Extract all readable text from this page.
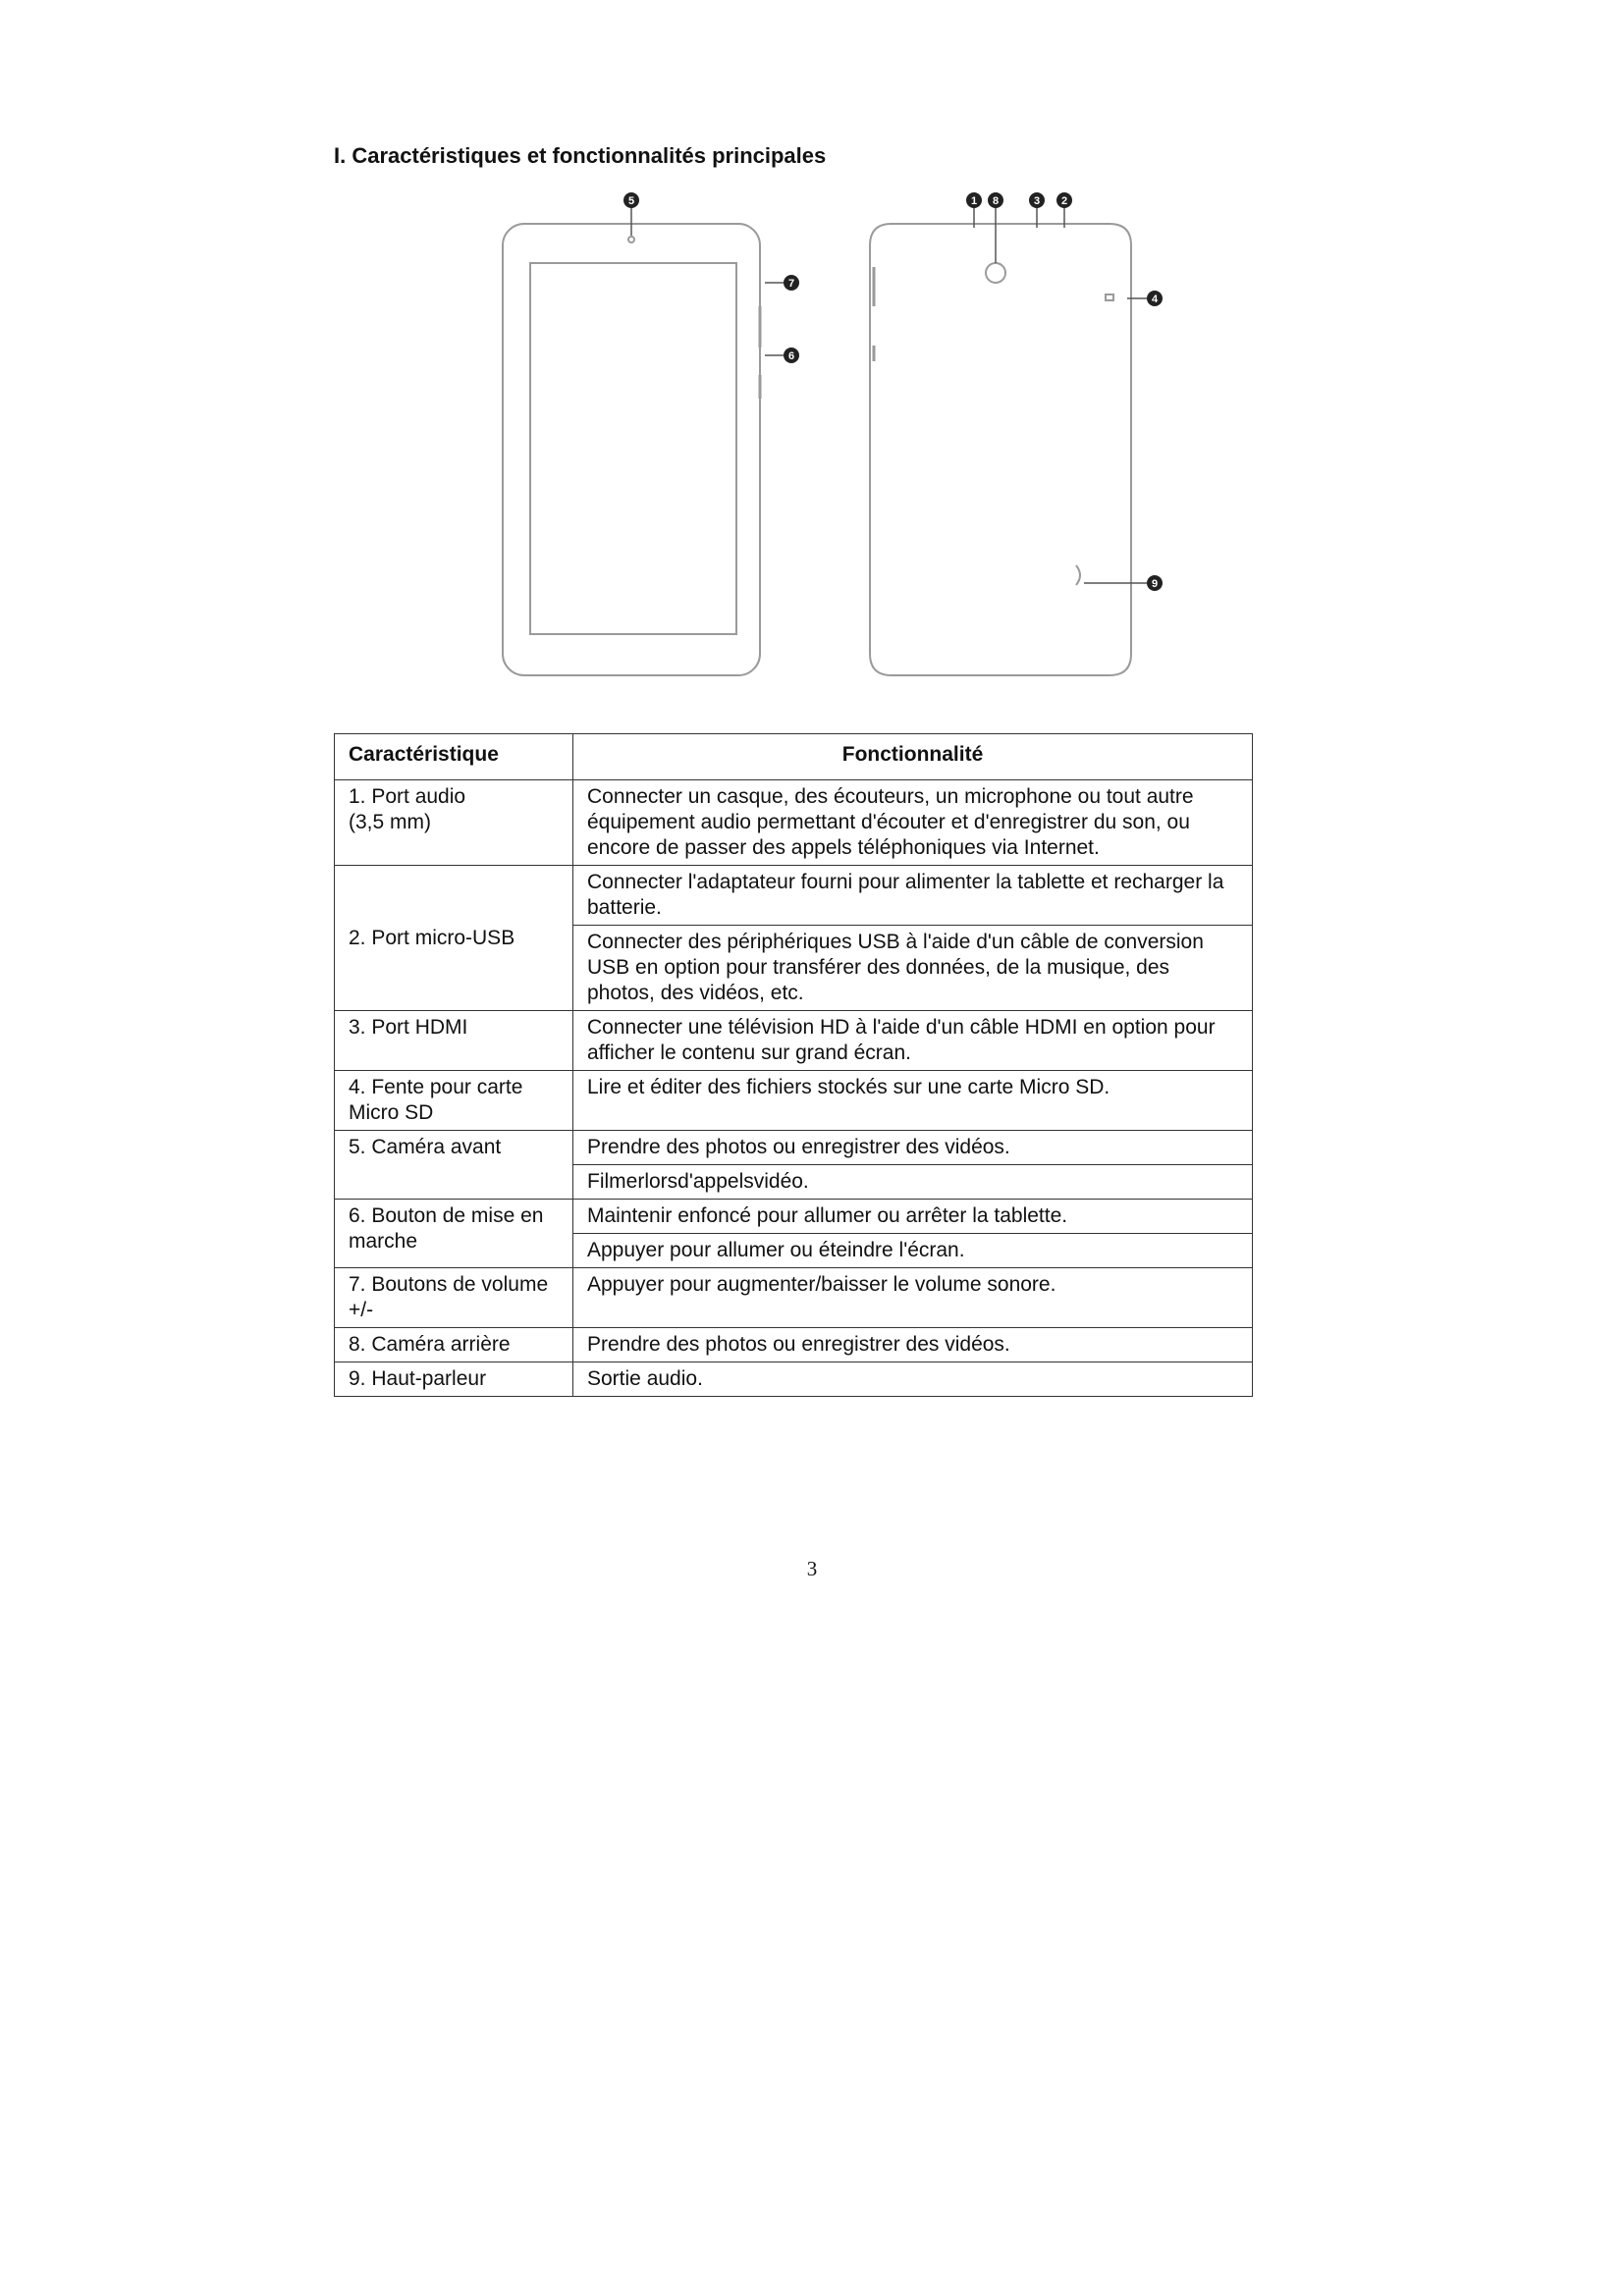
I. Caractéristiques et fonctionnalités principales
1 8	3 2
5
7
6
4
9
Caractéristique	Fonctionnalité
1. Port audio
(3,5 mm)	Connecter un casque, des écouteurs, un microphone ou tout autre équipement audio permettant d'écouter et d'enregistrer du son, ou encore de passer des appels téléphoniques via Internet.
2. Port micro-USB	Connecter l'adaptateur fourni pour alimenter la tablette et recharger la batterie.
	Connecter des périphériques USB à l'aide d'un câble de conversion USB en option pour transférer des données, de la musique, des photos, des vidéos, etc.
3. Port HDMI	Connecter une télévision HD à l'aide d'un câble HDMI en option pour afficher le contenu sur grand écran.
4. Fente pour carte Micro SD	Lire et éditer des fichiers stockés sur une carte Micro SD.
5. Caméra avant	Prendre des photos ou enregistrer des vidéos.
	Filmerlorsd'appelsvidéo.
6. Bouton de mise en marche	Maintenir enfoncé pour allumer ou arrêter la tablette.
	Appuyer pour allumer ou éteindre l'écran.
7. Boutons de volume +/-	Appuyer pour augmenter/baisser le volume sonore.
8. Caméra arrière	Prendre des photos ou enregistrer des vidéos.
9. Haut-parleur	Sortie audio.
3
